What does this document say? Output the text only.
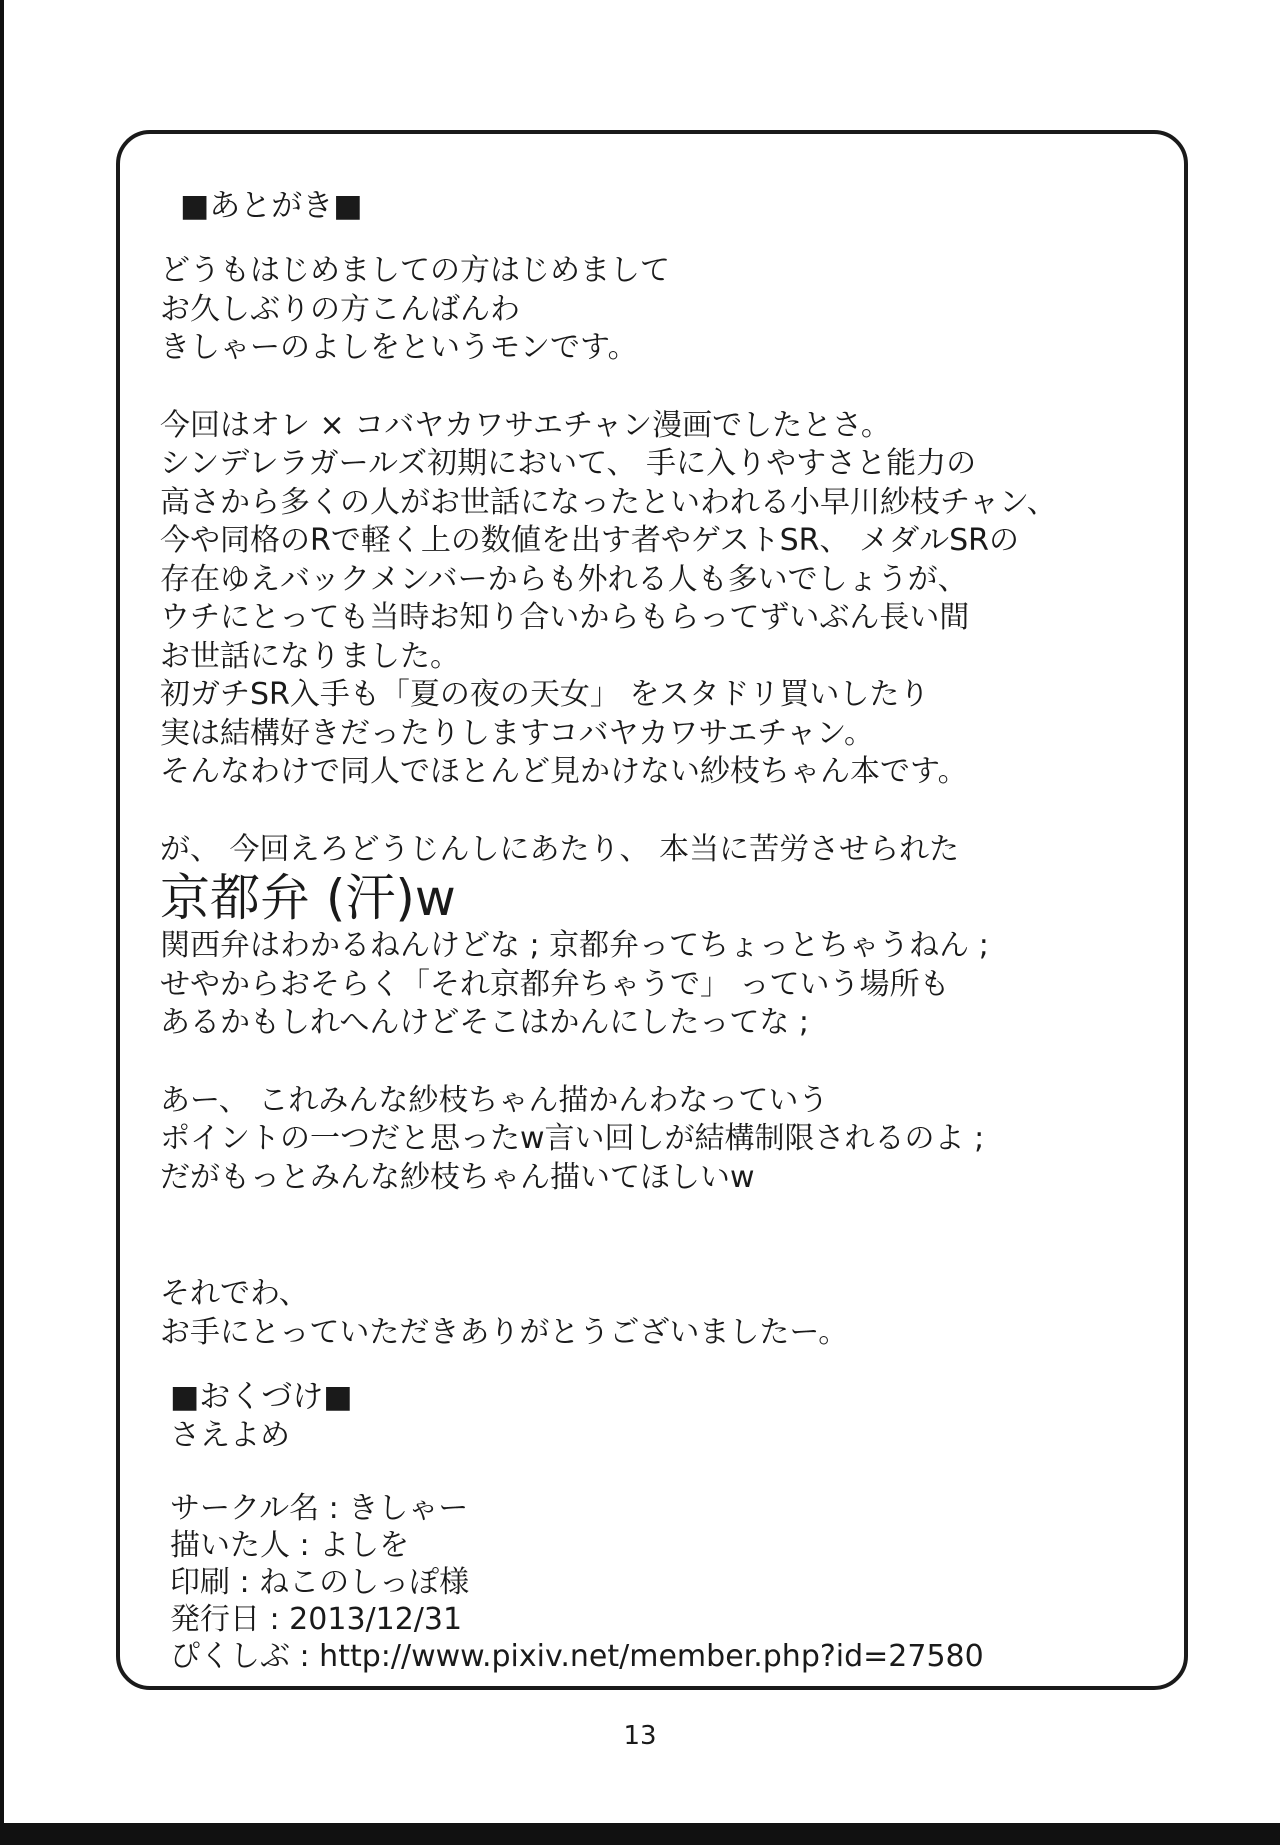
■あとがき■
どうもはじめましての方はじめまして
お久しぶりの方こんばんわ
きしゃーのよしをというモンです。
今回はオレ × コバヤカワサエチャン漫画でしたとさ。
シンデレラガールズ初期において、 手に入りやすさと能力の
高さから多くの人がお世話になったといわれる小早川紗枝チャン、
今や同格のRで軽く上の数値を出す者やゲストSR、 メダルSRの
存在ゆえバックメンバーからも外れる人も多いでしょうが、
ウチにとっても当時お知り合いからもらってずいぶん長い間
お世話になりました。
初ガチSR入手も「夏の夜の天女」 をスタドリ買いしたり
実は結構好きだったりしますコバヤカワサエチャン。
そんなわけで同人でほとんど見かけない紗枝ちゃん本です。
が、 今回えろどうじんしにあたり、 本当に苦労させられた
京都弁 (汗)w
関西弁はわかるねんけどな ; 京都弁ってちょっとちゃうねん ;
せやからおそらく「それ京都弁ちゃうで」 っていう場所も
あるかもしれへんけどそこはかんにしたってな ;
あー、 これみんな紗枝ちゃん描かんわなっていう
ポイントの一つだと思ったw言い回しが結構制限されるのよ ;
だがもっとみんな紗枝ちゃん描いてほしいw
それでわ、
お手にとっていただきありがとうございましたー。
■おくづけ■
さえよめ
サークル名 : きしゃー
描いた人 : よしを
印刷 : ねこのしっぽ様
発行日 : 2013/12/31
ぴくしぶ : http://www.pixiv.net/member.php?id=27580
13
